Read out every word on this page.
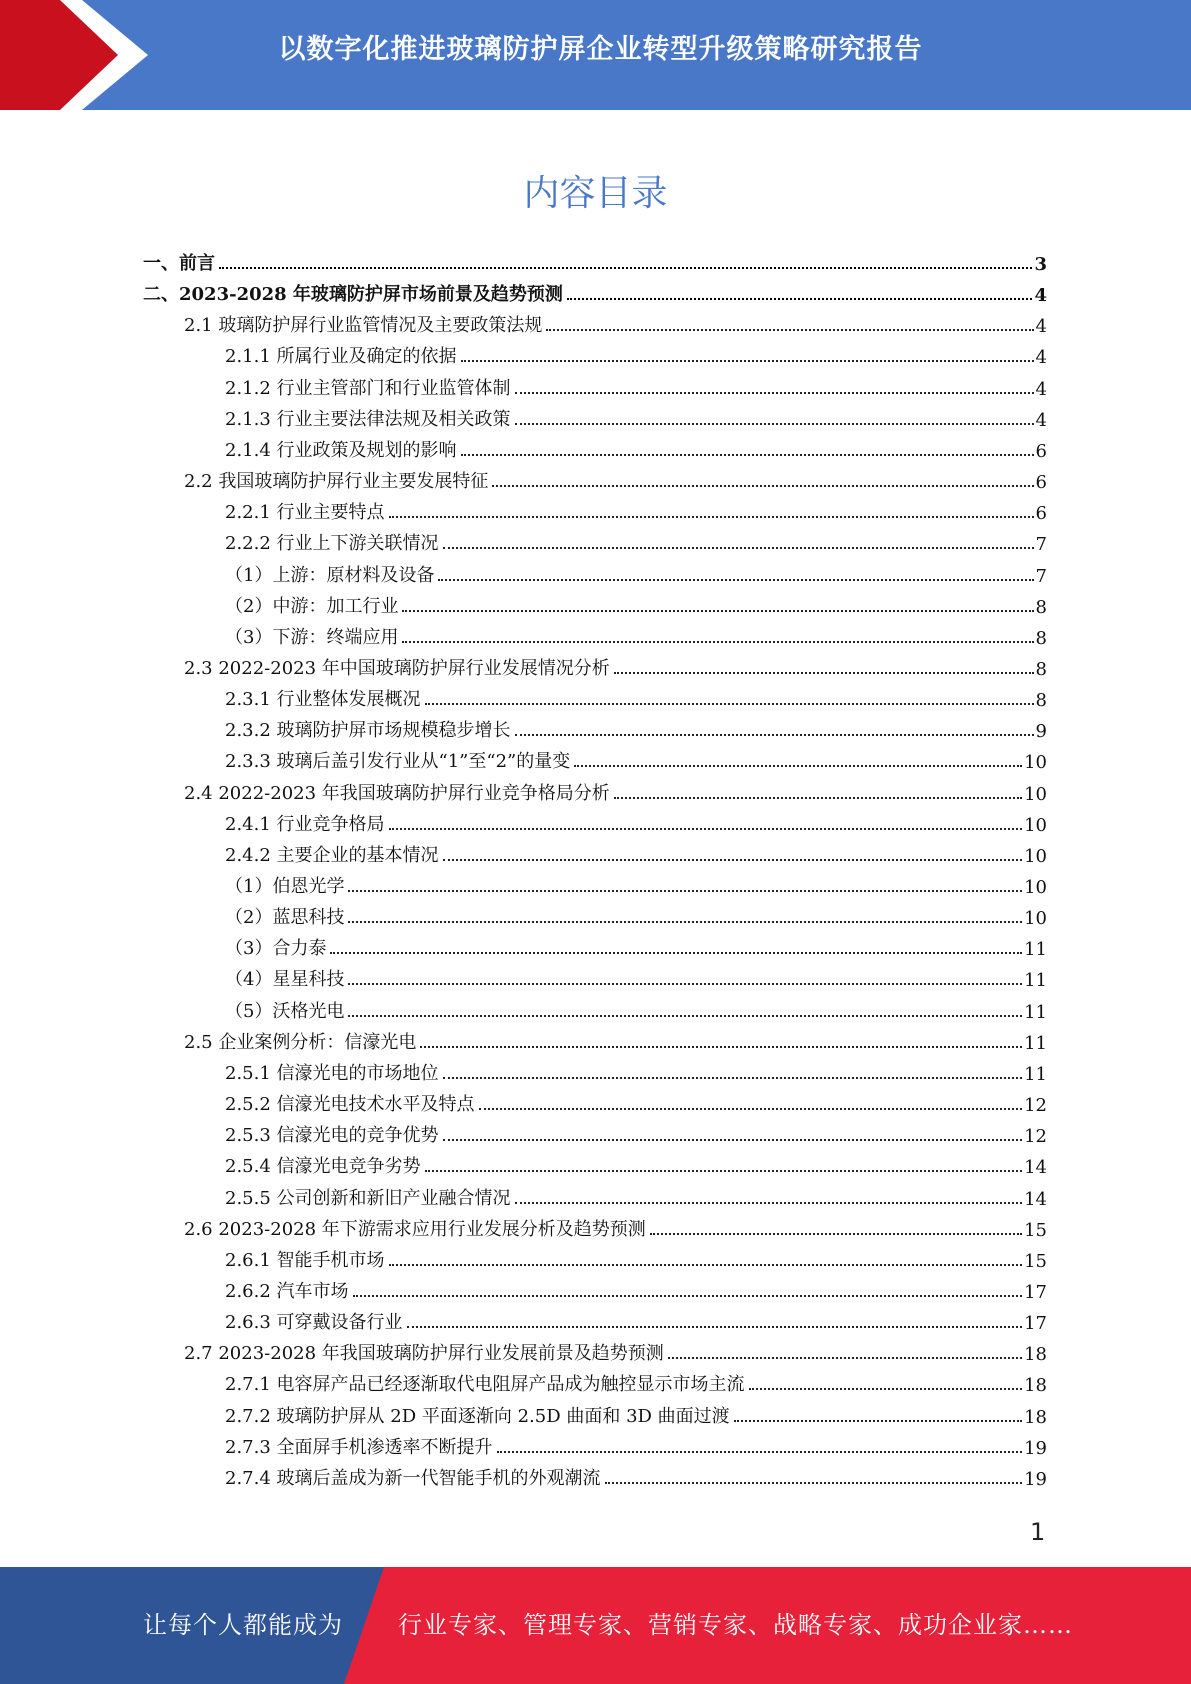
以数字化推进玻璃防护屏企业转型升级策略研究报告
内容目录
一、前言	3
二、2023-2028 年玻璃防护屏市场前景及趋势预测	4
2.1 玻璃防护屏行业监管情况及主要政策法规	4
2.1.1 所属行业及确定的依据	4
2.1.2 行业主管部门和行业监管体制	4
2.1.3 行业主要法律法规及相关政策	4
2.1.4 行业政策及规划的影响	6
2.2 我国玻璃防护屏行业主要发展特征	6
2.2.1 行业主要特点	6
2.2.2 行业上下游关联情况	7
（1）上游：原材料及设备	7
（2）中游：加工行业	8
（3）下游：终端应用	8
2.3 2022-2023 年中国玻璃防护屏行业发展情况分析	8
2.3.1 行业整体发展概况	8
2.3.2 玻璃防护屏市场规模稳步增长	9
2.3.3 玻璃后盖引发行业从“1”至“2”的量变	10
2.4 2022-2023 年我国玻璃防护屏行业竞争格局分析	10
2.4.1 行业竞争格局	10
2.4.2 主要企业的基本情况	10
（1）伯恩光学	10
（2）蓝思科技	10
（3）合力泰	11
（4）星星科技	11
（5）沃格光电	11
2.5 企业案例分析：信濠光电	11
2.5.1 信濠光电的市场地位	11
2.5.2 信濠光电技术水平及特点	12
2.5.3 信濠光电的竞争优势	12
2.5.4 信濠光电竞争劣势	14
2.5.5 公司创新和新旧产业融合情况	14
2.6 2023-2028 年下游需求应用行业发展分析及趋势预测	15
2.6.1 智能手机市场	15
2.6.2 汽车市场	17
2.6.3 可穿戴设备行业	17
2.7 2023-2028 年我国玻璃防护屏行业发展前景及趋势预测	18
2.7.1 电容屏产品已经逐渐取代电阻屏产品成为触控显示市场主流	18
2.7.2 玻璃防护屏从 2D 平面逐渐向 2.5D 曲面和 3D 曲面过渡	18
2.7.3 全面屏手机渗透率不断提升	19
2.7.4 玻璃后盖成为新一代智能手机的外观潮流	19
1
让每个人都能成为 行业专家、管理专家、营销专家、战略专家、成功企业家……
